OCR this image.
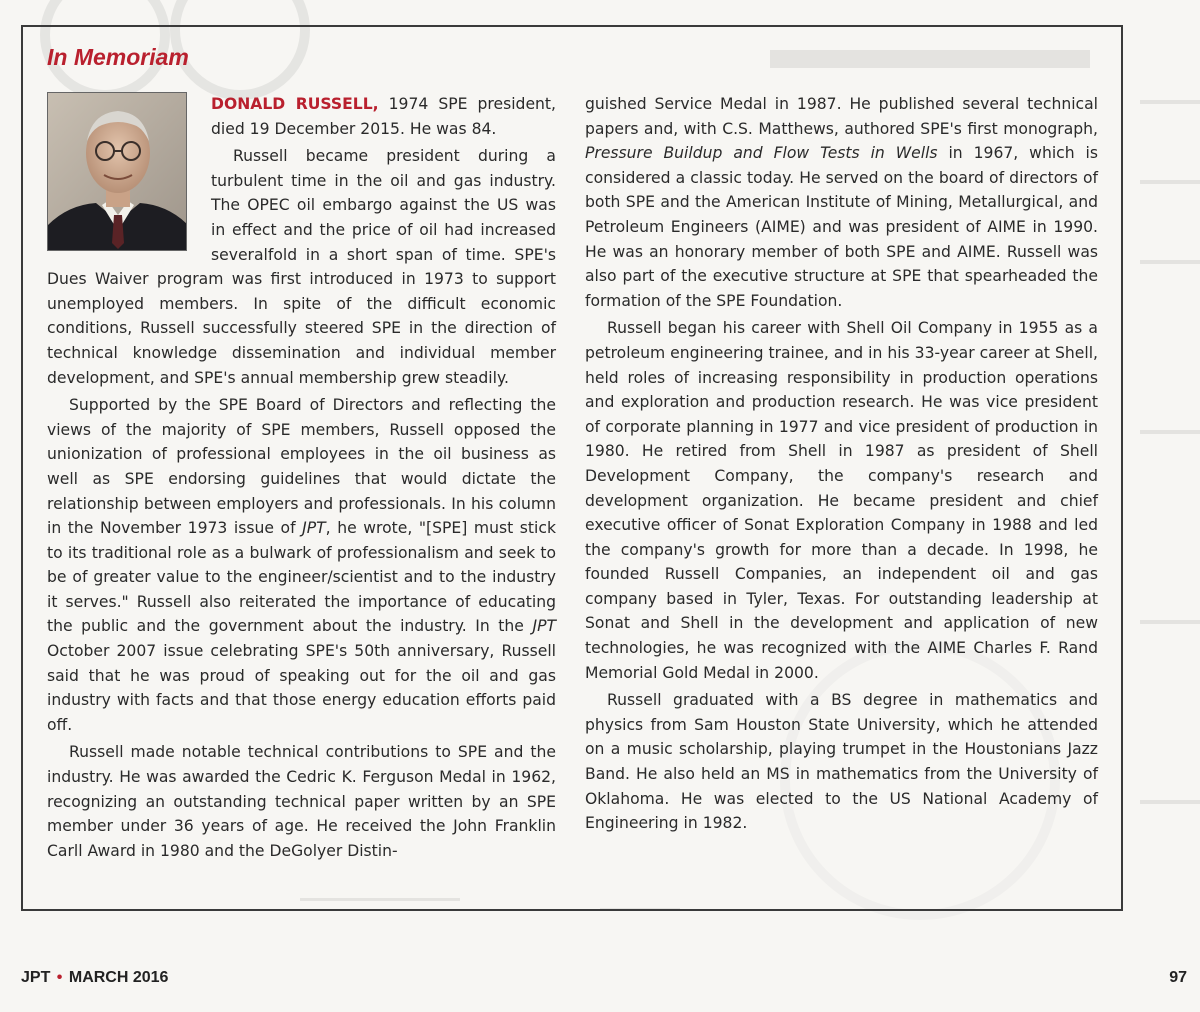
In Memoriam

DONALD RUSSELL, 1974 SPE president, died 19 December 2015. He was 84.

Russell became president during a turbulent time in the oil and gas industry. The OPEC oil embargo against the US was in effect and the price of oil had increased severalfold in a short span of time. SPE's Dues Waiver program was first introduced in 1973 to support unemployed members. In spite of the difficult economic conditions, Russell successfully steered SPE in the direction of technical knowledge dissemination and individual member development, and SPE's annual membership grew steadily.

Supported by the SPE Board of Directors and reflecting the views of the majority of SPE members, Russell opposed the unionization of professional employees in the oil business as well as SPE endorsing guidelines that would dictate the relationship between employers and professionals. In his column in the November 1973 issue of JPT, he wrote, "[SPE] must stick to its traditional role as a bulwark of professionalism and seek to be of greater value to the engineer/scientist and to the industry it serves." Russell also reiterated the importance of educating the public and the government about the industry. In the JPT October 2007 issue celebrating SPE's 50th anniversary, Russell said that he was proud of speaking out for the oil and gas industry with facts and that those energy education efforts paid off.

Russell made notable technical contributions to SPE and the industry. He was awarded the Cedric K. Ferguson Medal in 1962, recognizing an outstanding technical paper written by an SPE member under 36 years of age. He received the John Franklin Carll Award in 1980 and the DeGolyer Distin-

guished Service Medal in 1987. He published several technical papers and, with C.S. Matthews, authored SPE's first monograph, Pressure Buildup and Flow Tests in Wells in 1967, which is considered a classic today. He served on the board of directors of both SPE and the American Institute of Mining, Metallurgical, and Petroleum Engineers (AIME) and was president of AIME in 1990. He was an honorary member of both SPE and AIME. Russell was also part of the executive structure at SPE that spearheaded the formation of the SPE Foundation.

Russell began his career with Shell Oil Company in 1955 as a petroleum engineering trainee, and in his 33-year career at Shell, held roles of increasing responsibility in production operations and exploration and production research. He was vice president of corporate planning in 1977 and vice president of production in 1980. He retired from Shell in 1987 as president of Shell Development Company, the company's research and development organization. He became president and chief executive officer of Sonat Exploration Company in 1988 and led the company's growth for more than a decade. In 1998, he founded Russell Companies, an independent oil and gas company based in Tyler, Texas. For outstanding leadership at Sonat and Shell in the development and application of new technologies, he was recognized with the AIME Charles F. Rand Memorial Gold Medal in 2000.

Russell graduated with a BS degree in mathematics and physics from Sam Houston State University, which he attended on a music scholarship, playing trumpet in the Houstonians Jazz Band. He also held an MS in mathematics from the University of Oklahoma. He was elected to the US National Academy of Engineering in 1982.

JPT • MARCH 2016	97
